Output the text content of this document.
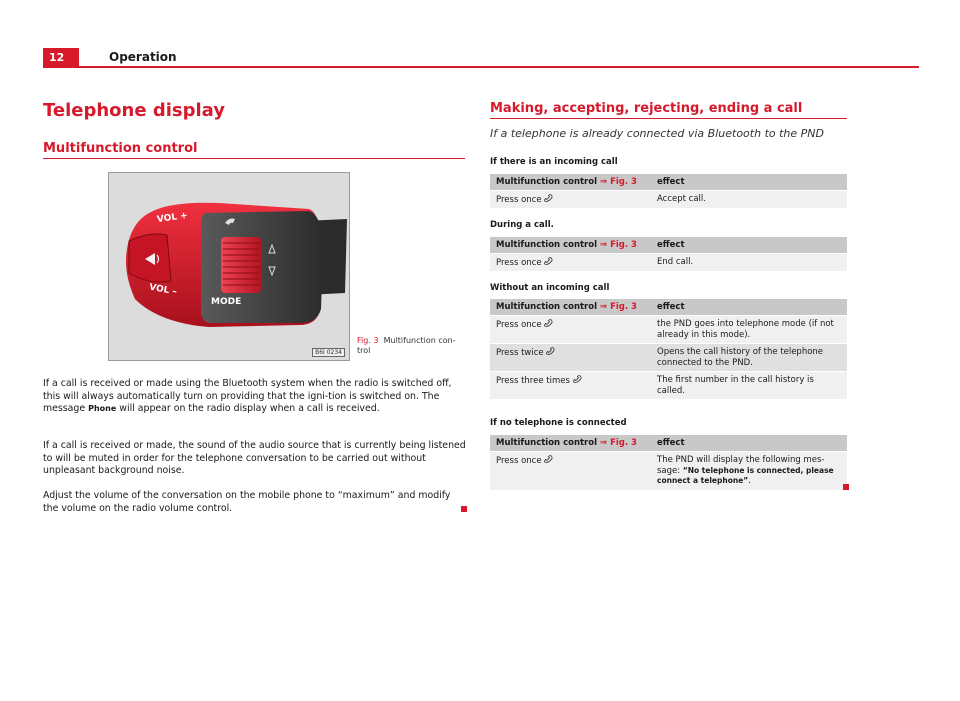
12	Operation
Telephone display
Multifunction control
VOL +
VOL –
MODE
B6I 0234
Fig. 3 Multifunction con-trol
If a call is received or made using the Bluetooth system when the radio is switched off, this will always automatically turn on providing that the igni-tion is switched on. The message Phone will appear on the radio display when a call is received.
If a call is received or made, the sound of the audio source that is currently being listened to will be muted in order for the telephone conversation to be carried out without unpleasant background noise.
Adjust the volume of the conversation on the mobile phone to “maximum” and modify the volume on the radio volume control.
Making, accepting, rejecting, ending a call
If a telephone is already connected via Bluetooth to the PND
If there is an incoming call
Multifunction control ⇒ Fig. 3	effect
Press once	Accept call.
During a call.
Multifunction control ⇒ Fig. 3	effect
Press once	End call.
Without an incoming call
Multifunction control ⇒ Fig. 3	effect
Press once	the PND goes into telephone mode (if not already in this mode).
Press twice	Opens the call history of the telephone connected to the PND.
Press three times	The first number in the call history is called.
If no telephone is connected
Multifunction control ⇒ Fig. 3	effect
Press once	The PND will display the following mes-sage: “No telephone is connected, please connect a telephone”.
